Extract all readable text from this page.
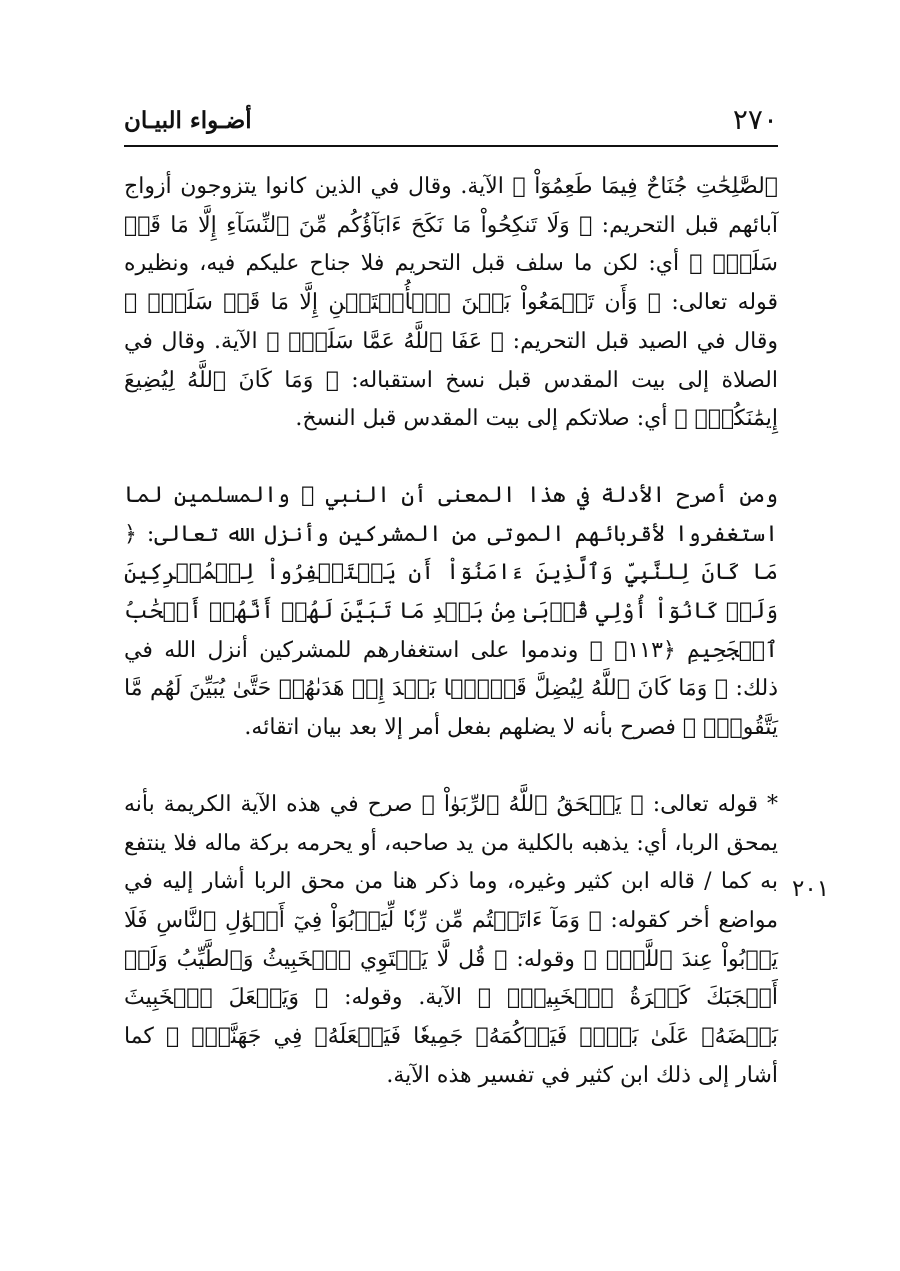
٢٧٠
أضـواء البيـان
٢٠١

ٱلصَّٰلِحَٰتِ جُنَاحٌ فِيمَا طَعِمُوٓاْ ﴾ الآية. وقال في الذين كانوا يتزوجون أزواج آبائهم قبل التحريم: ﴿ وَلَا تَنكِحُواْ مَا نَكَحَ ءَابَآؤُكُم مِّنَ ٱلنِّسَآءِ إِلَّا مَا قَدۡ سَلَفَۚ ﴾ أي: لكن ما سلف قبل التحريم فلا جناح عليكم فيه، ونظيره قوله تعالى: ﴿ وَأَن تَجۡمَعُواْ بَيۡنَ ٱلۡأُخۡتَيۡنِ إِلَّا مَا قَدۡ سَلَفَۚ ﴾ وقال في الصيد قبل التحريم: ﴿ عَفَا ٱللَّهُ عَمَّا سَلَفَۚ ﴾ الآية. وقال في الصلاة إلى بيت المقدس قبل نسخ استقباله: ﴿ وَمَا كَانَ ٱللَّهُ لِيُضِيعَ إِيمَٰنَكُمۡۚ ﴾ أي: صلاتكم إلى بيت المقدس قبل النسخ.

ومن أصرح الأدلة في هذا المعنى أن النبي ﷺ والمسلمين لما استغفروا لأقربائهم الموتى من المشركين وأنزل الله تعالى: ﴿ مَا كَانَ لِلنَّبِيِّ وَٱلَّذِينَ ءَامَنُوٓاْ أَن يَسۡتَغۡفِرُواْ لِلۡمُشۡرِكِينَ وَلَوۡ كَانُوٓاْ أُوْلِي قُرۡبَىٰ مِنۢ بَعۡدِ مَا تَبَيَّنَ لَهُمۡ أَنَّهُمۡ أَصۡحَٰبُ ٱلۡجَحِيمِ ﴿١١٣﴾ ﴾ وندموا على استغفارهم للمشركين أنزل الله في ذلك: ﴿ وَمَا كَانَ ٱللَّهُ لِيُضِلَّ قَوۡمَۢا بَعۡدَ إِذۡ هَدَىٰهُمۡ حَتَّىٰ يُبَيِّنَ لَهُم مَّا يَتَّقُونَۚ ﴾ فصرح بأنه لا يضلهم بفعل أمر إلا بعد بيان اتقائه.

* قوله تعالى: ﴿ يَمۡحَقُ ٱللَّهُ ٱلرِّبَوٰاْ ﴾ صرح في هذه الآية الكريمة بأنه يمحق الربا، أي: يذهبه بالكلية من يد صاحبه، أو يحرمه بركة ماله فلا ينتفع به كما / قاله ابن كثير وغيره، وما ذكر هنا من محق الربا أشار إليه في مواضع أخر كقوله: ﴿ وَمَآ ءَاتَيۡتُم مِّن رِّبٗا لِّيَرۡبُوَاْ فِيٓ أَمۡوَٰلِ ٱلنَّاسِ فَلَا يَرۡبُواْ عِندَ ٱللَّهِۖ ﴾ وقوله: ﴿ قُل لَّا يَسۡتَوِي ٱلۡخَبِيثُ وَٱلطَّيِّبُ وَلَوۡ أَعۡجَبَكَ كَثۡرَةُ ٱلۡخَبِيثِۚ ﴾ الآية. وقوله: ﴿ وَيَجۡعَلَ ٱلۡخَبِيثَ بَعۡضَهُۥ عَلَىٰ بَعۡضٖ فَيَرۡكُمَهُۥ جَمِيعٗا فَيَجۡعَلَهُۥ فِي جَهَنَّمَۚ ﴾ كما أشار إلى ذلك ابن كثير في تفسير هذه الآية.
